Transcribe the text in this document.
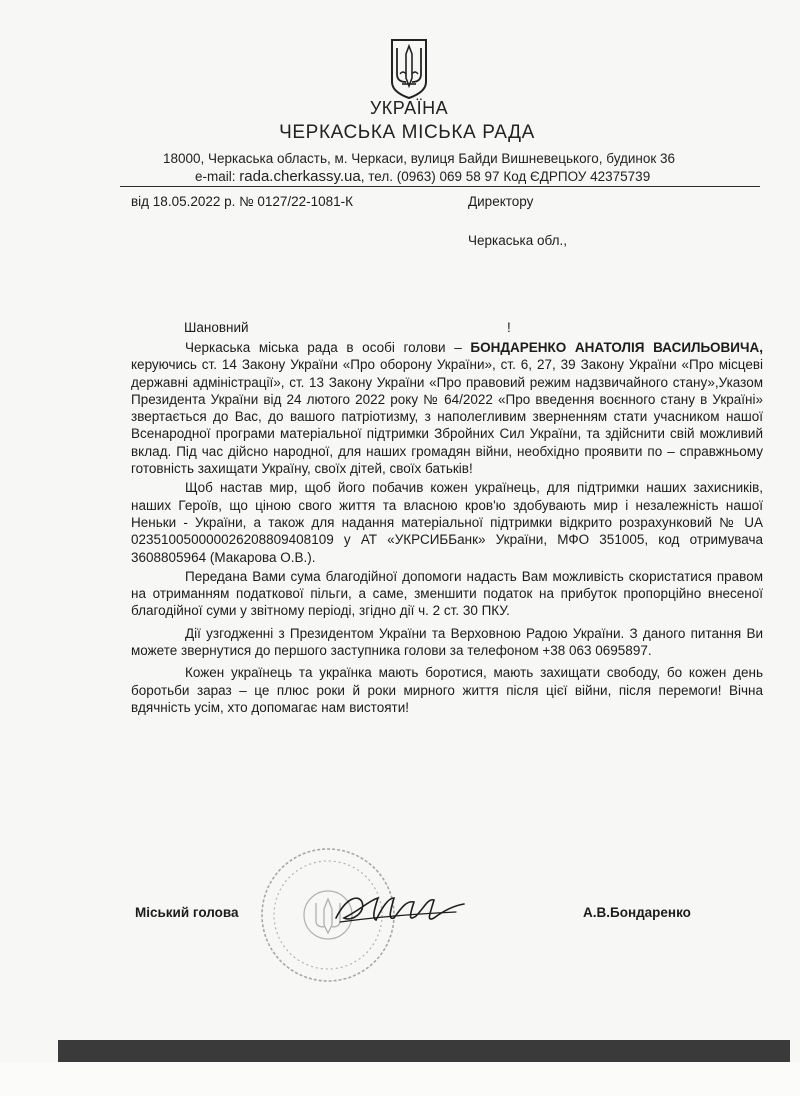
УКРАЇНА
ЧЕРКАСЬКА МІСЬКА РАДА
18000, Черкаська область, м. Черкаси, вулиця Байди Вишневецького, будинок 36
e-mail: rada.cherkassy.ua, тел. (0963) 069 58 97 Код ЄДРПОУ 42375739
від 18.05.2022 р. № 0127/22-1081-К	Директору
Черкаська обл.,
Шановний	!

Черкаська міська рада в особі голови – БОНДАРЕНКО АНАТОЛІЯ ВАСИЛЬОВИЧА, керуючись ст. 14 Закону України «Про оборону України», ст. 6, 27, 39 Закону України «Про місцеві державні адміністрації», ст. 13 Закону України «Про правовий режим надзвичайного стану»,Указом Президента України від 24 лютого 2022 року № 64/2022 «Про введення воєнного стану в Україні» звертається до Вас, до вашого патріотизму, з наполегливим зверненням стати учасником нашої Всенародної програми матеріальної підтримки Збройних Сил України, та здійснити свій можливий вклад. Під час дійсно народної, для наших громадян війни, необхідно проявити по – справжньому готовність захищати Україну, своїх дітей, своїх батьків!

Щоб настав мир, щоб його побачив кожен українець, для підтримки наших захисників, наших Героїв, що ціною свого життя та власною кров'ю здобувають мир і незалежність нашої Неньки - України, а також для надання матеріальної підтримки відкрито розрахунковий № UA 023510050000026208809408109 у АТ «УКРСИББанк» України, МФО 351005, код отримувача 3608805964 (Макарова О.В.).

Передана Вами сума благодійної допомоги надасть Вам можливість скористатися правом на отриманням податкової пільги, а саме, зменшити податок на прибуток пропорційно внесеної благодійної суми у звітному періоді, згідно дії ч. 2 ст. 30 ПКУ.

Дії узгодженні з Президентом України та Верховною Радою України. З даного питання Ви можете звернутися до першого заступника голови за телефоном +38 063 0695897.

Кожен українець та українка мають боротися, мають захищати свободу, бо кожен день боротьби зараз – це плюс роки й роки мирного життя після цієї війни, після перемоги! Вічна вдячність усім, хто допомагає нам вистояти!

Міський голова	А.В.Бондаренко
